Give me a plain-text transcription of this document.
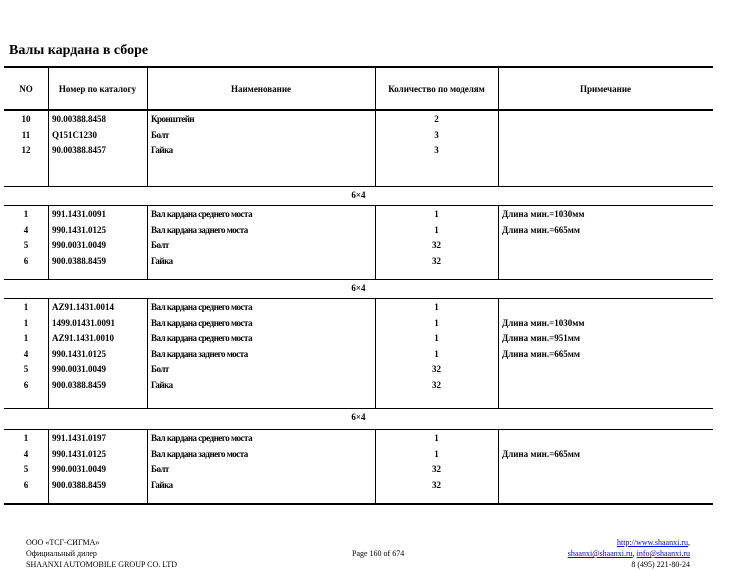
Валы кардана в сборе
NO	Номер по каталогу	Наименование	Количество по моделям	Примечание
10	90.00388.8458	Кронштейн	2
11	Q151C1230	Болт	3
12	90.00388.8457	Гайка	3
6×4
1	991.1431.0091	Вал кардана среднего моста	1	Длина мин.=1030мм
4	990.1431.0125	Вал кардана заднего моста	1	Длина мин.=665мм
5	990.0031.0049	Болт	32
6	900.0388.8459	Гайка	32
6×4
1	AZ91.1431.0014	Вал кардана среднего моста	1
1	1499.01431.0091	Вал кардана среднего моста	1	Длина мин.=1030мм
1	AZ91.1431.0010	Вал кардана среднего моста	1	Длина мин.=951мм
4	990.1431.0125	Вал кардана заднего моста	1	Длина мин.=665мм
5	990.0031.0049	Болт	32
6	900.0388.8459	Гайка	32
6×4
1	991.1431.0197	Вал кардана среднего моста	1
4	990.1431.0125	Вал кардана заднего моста	1	Длина мин.=665мм
5	990.0031.0049	Болт	32
6	900.0388.8459	Гайка	32
ООО «ТСГ-СИГМА»
Официальный дилер
SHAANXI AUTOMOBILE GROUP CO. LTD
Page 160 of 674
http://www.shaanxi.ru,
shaanxi@shaanxi.ru, info@shaanxi.ru
8 (495) 221-80-24
